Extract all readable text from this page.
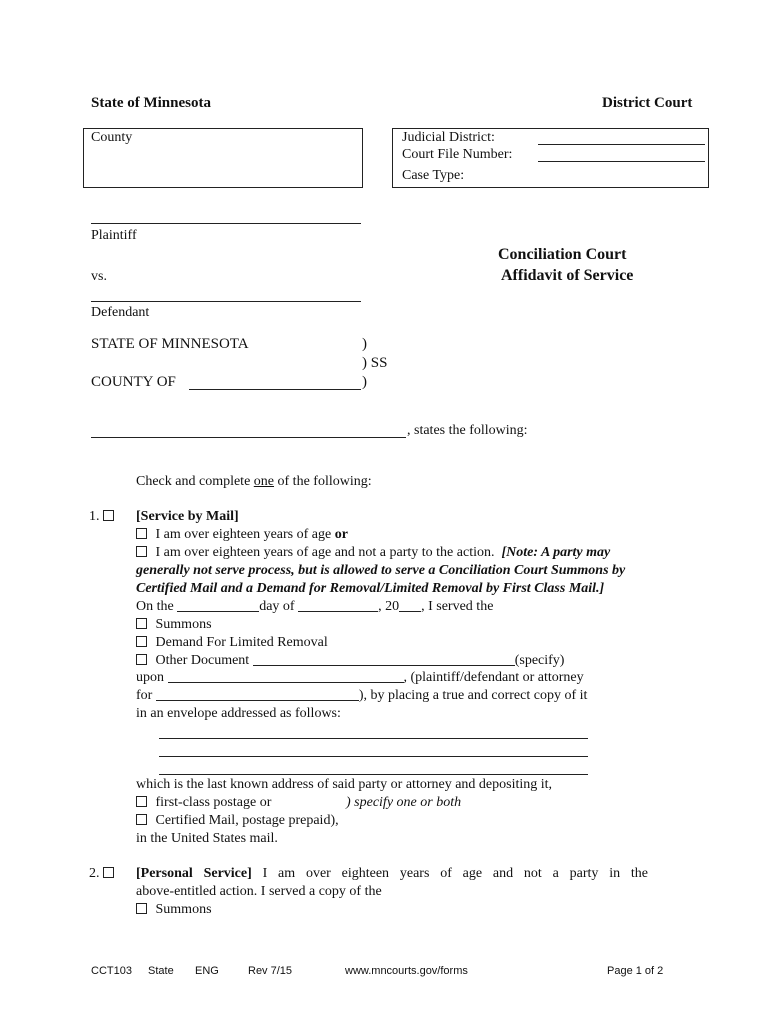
State of Minnesota	District Court
County	Judicial District:
Court File Number:
Case Type:
Plaintiff
vs.
Defendant
Conciliation Court
Affidavit of Service
STATE OF MINNESOTA	)
) SS
COUNTY OF	)
, states the following:
Check and complete one of the following:
1.	[Service by Mail]
I am over eighteen years of age or
I am over eighteen years of age and not a party to the action. [Note: A party may
generally not serve process, but is allowed to serve a Conciliation Court Summons by
Certified Mail and a Demand for Removal/Limited Removal by First Class Mail.]
On the	day of	, 20 , I served the
Summons
Demand For Limited Removal
Other Document	(specify)
upon	, (plaintiff/defendant or attorney
for	), by placing a true and correct copy of it
in an envelope addressed as follows:
which is the last known address of said party or attorney and depositing it,
first-class postage or	) specify one or both
Certified Mail, postage prepaid),
in the United States mail.
2.	[Personal Service] I am over eighteen years of age and not a party in the
above-entitled action. I served a copy of the
Summons
CCT103 State ENG	Rev 7/15	www.mncourts.gov/forms	Page 1 of 2
